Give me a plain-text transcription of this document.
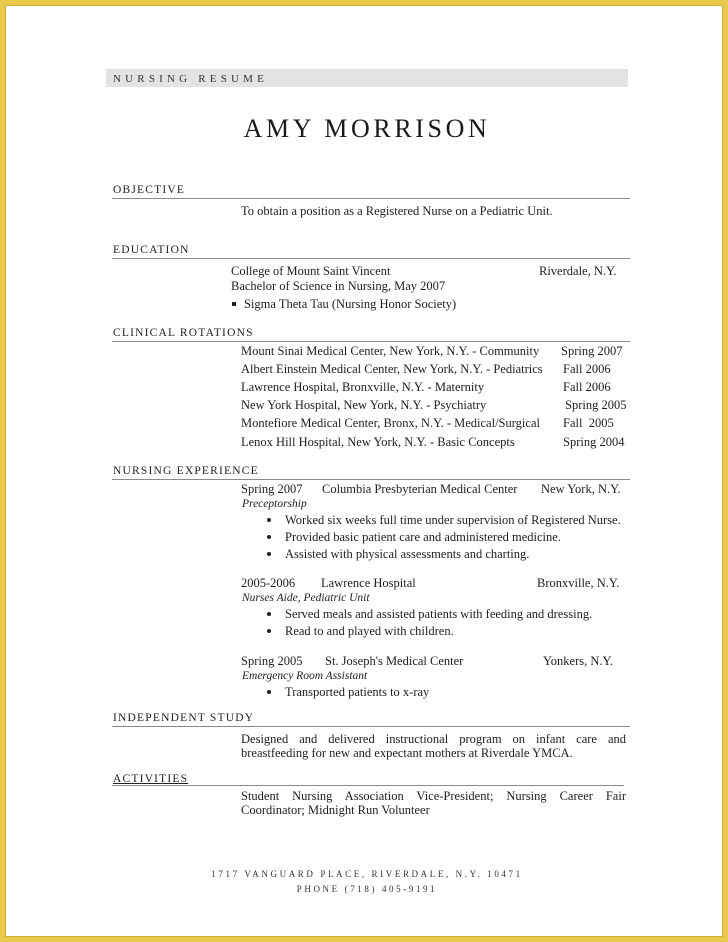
NURSING RESUME
AMY MORRISON
OBJECTIVE
To obtain a position as a Registered Nurse on a Pediatric Unit.
EDUCATION
College of Mount Saint Vincent	Riverdale, N.Y.
Bachelor of Science in Nursing, May 2007
Sigma Theta Tau (Nursing Honor Society)
CLINICAL ROTATIONS
Mount Sinai Medical Center, New York, N.Y. - Community Spring 2007
Albert Einstein Medical Center, New York, N.Y. - Pediatrics Fall 2006
Lawrence Hospital, Bronxville, N.Y. - Maternity	Fall 2006
New York Hospital, New York, N.Y. - Psychiatry	Spring 2005
Montefiore Medical Center, Bronx, N.Y. - Medical/Surgical Fall  2005
Lenox Hill Hospital, New York, N.Y. - Basic Concepts	Spring 2004
NURSING EXPERIENCE
Spring 2007 Columbia Presbyterian Medical Center New York, N.Y.
Preceptorship
Worked six weeks full time under supervision of Registered Nurse.
Provided basic patient care and administered medicine.
Assisted with physical assessments and charting.
2005-2006 Lawrence Hospital	Bronxville, N.Y.
Nurses Aide, Pediatric Unit
Served meals and assisted patients with feeding and dressing.
Read to and played with children.
Spring 2005 St. Joseph's Medical Center	Yonkers, N.Y.
Emergency Room Assistant
Transported patients to x-ray
INDEPENDENT STUDY
Designed and delivered instructional program on infant care and
breastfeeding for new and expectant mothers at Riverdale YMCA.
ACTIVITIES
Student Nursing Association Vice-President; Nursing Career Fair
Coordinator; Midnight Run Volunteer
1717 VANGUARD PLACE, RIVERDALE, N.Y. 10471
PHONE (718) 405-9191
